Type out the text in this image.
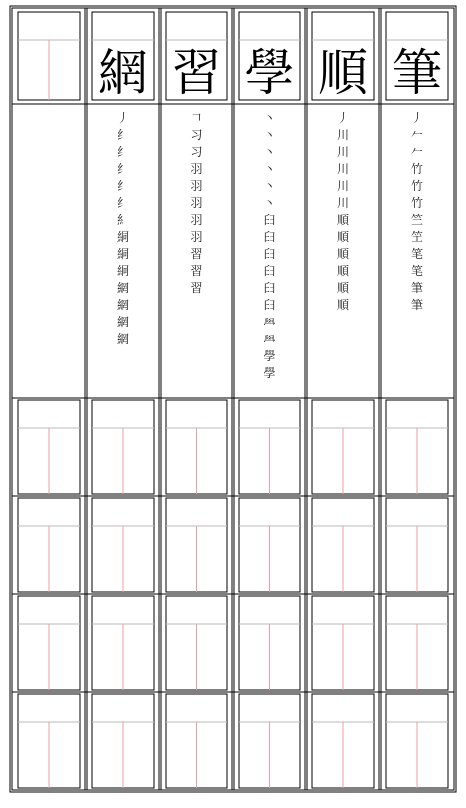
網 習 學 順 筆
丿
纟
纟
纟
纟
纟
糹
絧
絧
絅
網
網
網
網
𠃍
习
习
羽
羽
羽
羽
羽
習
習
習
丶
丶
丶
丶
丶
丶
𦥑
𦥑
𦥑
𦥑
𦥑
𦥑
𦥯
𦥯
學
學
丿
川
川
川
川
川
順
順
順
順
順
順
丿
𠂉
𠂉
竹
竹
竹
竺
笁
笔
笔
筆
筆
